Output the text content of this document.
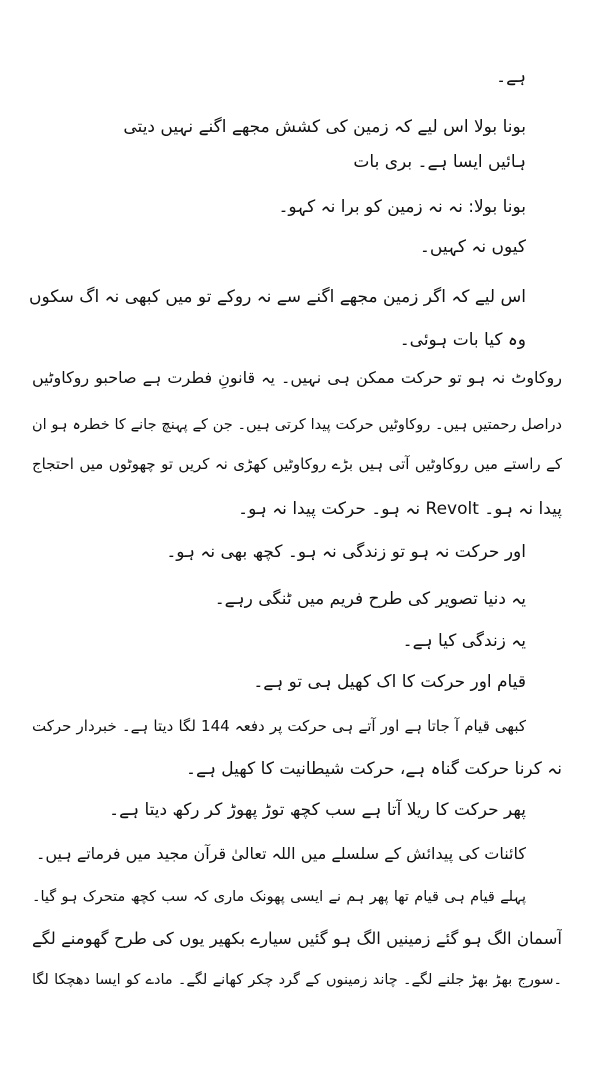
ہے۔
بونا بولا اس لیے کہ زمین کی کشش مجھے اگنے نہیں دیتی
ہائیں ایسا ہے۔ بری بات
بونا بولا: نہ نہ زمین کو برا نہ کہو۔
کیوں نہ کہیں۔
اس لیے کہ اگر زمین مجھے اگنے سے نہ روکے تو میں کبھی نہ اگ سکوں
وہ کیا بات ہوئی۔
روکاوٹ نہ ہو تو حرکت ممکن ہی نہیں۔ یہ قانونِ فطرت ہے صاحبو روکاوٹیں
دراصل رحمتیں ہیں۔ روکاوٹیں حرکت پیدا کرتی ہیں۔ جن کے پہنچ جانے کا خطرہ ہو ان
کے راستے میں روکاوٹیں آتی ہیں بڑے روکاوٹیں کھڑی نہ کریں تو چھوٹوں میں احتجاج
پیدا نہ ہو۔ Revolt نہ ہو۔ حرکت پیدا نہ ہو۔
اور حرکت نہ ہو تو زندگی نہ ہو۔ کچھ بھی نہ ہو۔
یہ دنیا تصویر کی طرح فریم میں ٹنگی رہے۔
یہ زندگی کیا ہے۔
قیام اور حرکت کا اک کھیل ہی تو ہے۔
کبھی قیام آ جاتا ہے اور آتے ہی حرکت پر دفعہ 144 لگا دیتا ہے۔ خبردار حرکت
نہ کرنا حرکت گناہ ہے، حرکت شیطانیت کا کھیل ہے۔
پھر حرکت کا ریلا آتا ہے سب کچھ توڑ پھوڑ کر رکھ دیتا ہے۔
کائنات کی پیدائش کے سلسلے میں اللہ تعالیٰ قرآن مجید میں فرماتے ہیں۔
پہلے قیام ہی قیام تھا پھر ہم نے ایسی پھونک ماری کہ سب کچھ متحرک ہو گیا۔
آسمان الگ ہو گئے زمینیں الگ ہو گئیں سیارے بکھیر یوں کی طرح گھومنے لگے
۔سورج بھڑ بھڑ جلنے لگے۔ چاند زمینوں کے گرد چکر کھانے لگے۔ مادے کو ایسا دھچکا لگا
